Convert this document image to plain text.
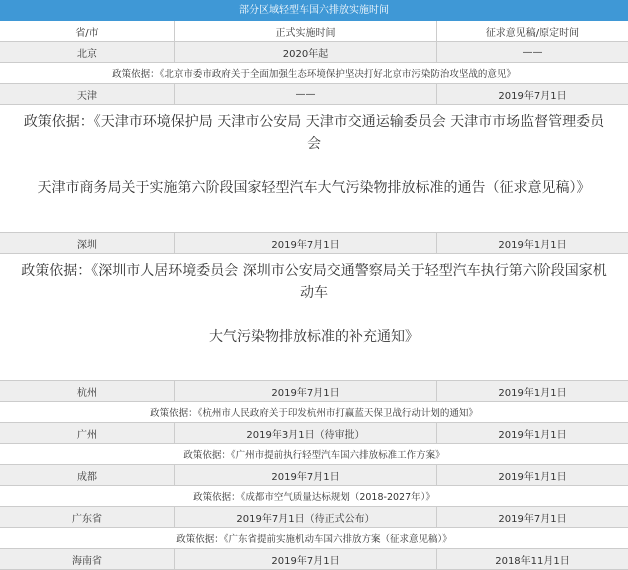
部分区域轻型车国六排放实施时间
省/市	正式实施时间	征求意见稿/原定时间
北京	2020年起	——
政策依据：《北京市委市政府关于全面加强生态环境保护坚决打好北京市污染防治攻坚战的意见》
天津	——	2019年7月1日

政策依据：《天津市环境保护局 天津市公安局 天津市交通运输委员会 天津市市场监督管理委员

会

天津市商务局关于实施第六阶段国家轻型汽车大气污染物排放标准的通告（征求意见稿）》

深圳	2019年7月1日	2019年1月1日

政策依据：《深圳市人居环境委员会 深圳市公安局交通警察局关于轻型汽车执行第六阶段国家机

动车

大气污染物排放标准的补充通知》

杭州	2019年7月1日	2019年1月1日
政策依据：《杭州市人民政府关于印发杭州市打赢蓝天保卫战行动计划的通知》
广州	2019年3月1日（待审批）	2019年1月1日
政策依据：《广州市提前执行轻型汽车国六排放标准工作方案》
成都	2019年7月1日	2019年1月1日
政策依据：《成都市空气质量达标规划（2018-2027年）》
广东省	2019年7月1日（待正式公布）	2019年7月1日
政策依据：《广东省提前实施机动车国六排放方案（征求意见稿）》
海南省	2019年7月1日	2018年11月1日
